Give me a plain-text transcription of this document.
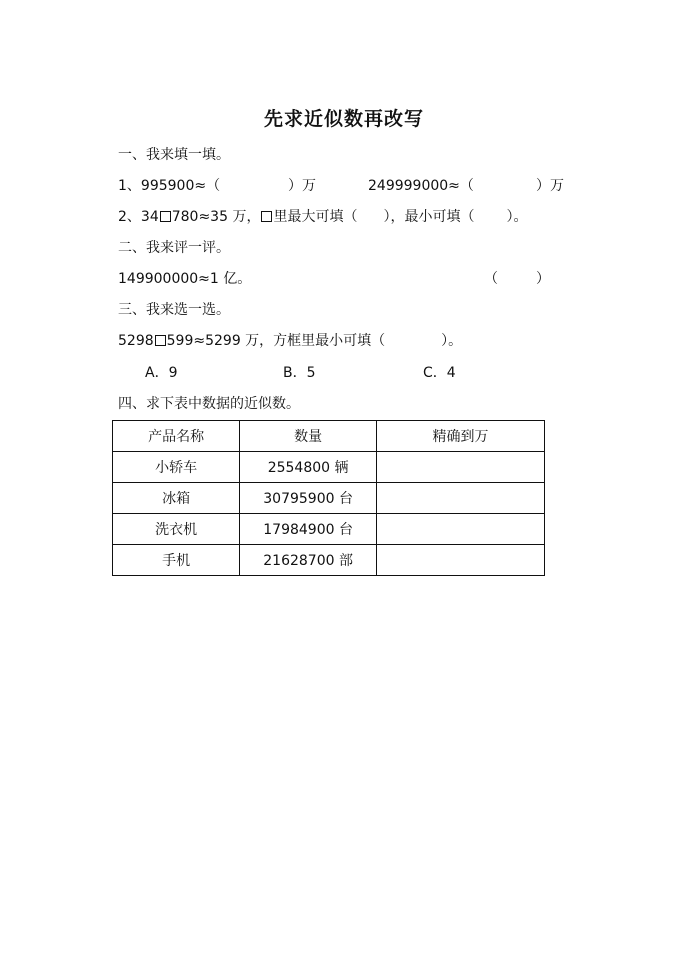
先求近似数再改写
一、我来填一填。
1、995900≈（	）万	249999000≈（	）万
2、34 780≈35 万， 里最大可填（ ），最小可填（ ）。
二、我来评一评。
149900000≈1 亿。	（	）
三、我来选一选。
5298 599≈5299 万，方框里最小可填（	）。
A．9	B．5	C．4
四、求下表中数据的近似数。
产品名称	数量	精确到万
小轿车	2554800 辆	
冰箱	30795900 台	
洗衣机	17984900 台	
手机	21628700 部	
